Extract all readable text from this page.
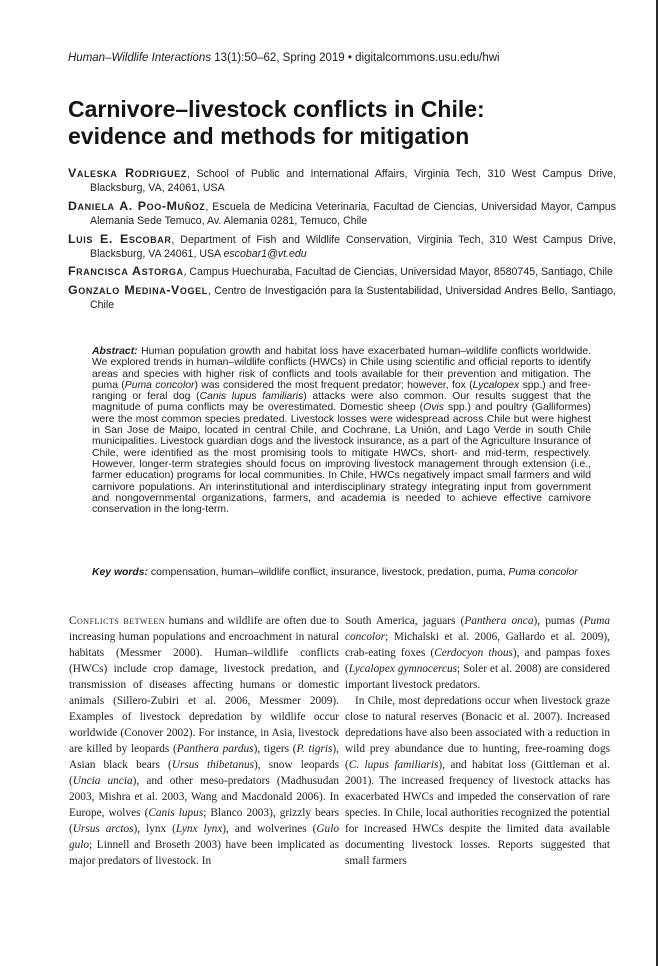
Human–Wildlife Interactions 13(1):50–62, Spring 2019 • digitalcommons.usu.edu/hwi
Carnivore–livestock conflicts in Chile:
evidence and methods for mitigation

Valeska Rodriguez, School of Public and International Affairs, Virginia Tech, 310 West Campus Drive, Blacksburg, VA, 24061, USA

Daniela A. Poo-Muñoz, Escuela de Medicina Veterinaria, Facultad de Ciencias, Universidad Mayor, Campus Alemania Sede Temuco, Av. Alemania 0281, Temuco, Chile

Luis E. Escobar, Department of Fish and Wildlife Conservation, Virginia Tech, 310 West Campus Drive, Blacksburg, VA 24061, USA escobar1@vt.edu

Francisca Astorga, Campus Huechuraba, Facultad de Ciencias, Universidad Mayor, 8580745, Santiago, Chile

Gonzalo Medina-Vogel, Centro de Investigación para la Sustentabilidad, Universidad Andres Bello, Santiago, Chile

Abstract: Human population growth and habitat loss have exacerbated human–wildlife conflicts worldwide. We explored trends in human–wildlife conflicts (HWCs) in Chile using scientific and official reports to identify areas and species with higher risk of conflicts and tools available for their prevention and mitigation. The puma (Puma concolor) was considered the most frequent predator; however, fox (Lycalopex spp.) and free-ranging or feral dog (Canis lupus familiaris) attacks were also common. Our results suggest that the magnitude of puma conflicts may be overestimated. Domestic sheep (Ovis spp.) and poultry (Galliformes) were the most common species predated. Livestock losses were widespread across Chile but were highest in San Jose de Maipo, located in central Chile, and Cochrane, La Unión, and Lago Verde in south Chile municipalities. Livestock guardian dogs and the livestock insurance, as a part of the Agriculture Insurance of Chile, were identified as the most promising tools to mitigate HWCs, short- and mid-term, respectively. However, longer-term strategies should focus on improving livestock management through extension (i.e., farmer education) programs for local communities. In Chile, HWCs negatively impact small farmers and wild carnivore populations. An interinstitutional and interdisciplinary strategy integrating input from government and nongovernmental organizations, farmers, and academia is needed to achieve effective carnivore conservation in the long-term.

Key words: compensation, human–wildlife conflict, insurance, livestock, predation, puma, Puma concolor

Conflicts between humans and wildlife are often due to increasing human populations and encroachment in natural habitats (Messmer 2000). Human–wildlife conflicts (HWCs) include crop damage, livestock predation, and transmission of diseases affecting humans or domestic animals (Sillero-Zubiri et al. 2006, Messmer 2009). Examples of livestock depredation by wildlife occur worldwide (Conover 2002). For instance, in Asia, livestock are killed by leopards (Panthera pardus), tigers (P. tigris), Asian black bears (Ursus thibetanus), snow leopards (Uncia uncia), and other meso-predators (Madhusudan 2003, Mishra et al. 2003, Wang and Macdonald 2006). In Europe, wolves (Canis lupus; Blanco 2003), grizzly bears (Ursus arctos), lynx (Lynx lynx), and wolverines (Gulo gulo; Linnell and Broseth 2003) have been implicated as major predators of livestock. In

South America, jaguars (Panthera onca), pumas (Puma concolor; Michalski et al. 2006, Gallardo et al. 2009), crab-eating foxes (Cerdocyon thous), and pampas foxes (Lycalopex gymnocercus; Soler et al. 2008) are considered important livestock predators.

In Chile, most depredations occur when livestock graze close to natural reserves (Bonacic et al. 2007). Increased depredations have also been associated with a reduction in wild prey abundance due to hunting, free-roaming dogs (C. lupus familiaris), and habitat loss (Gittleman et al. 2001). The increased frequency of livestock attacks has exacerbated HWCs and impeded the conservation of rare species. In Chile, local authorities recognized the potential for increased HWCs despite the limited data available documenting livestock losses. Reports suggested that small farmers
